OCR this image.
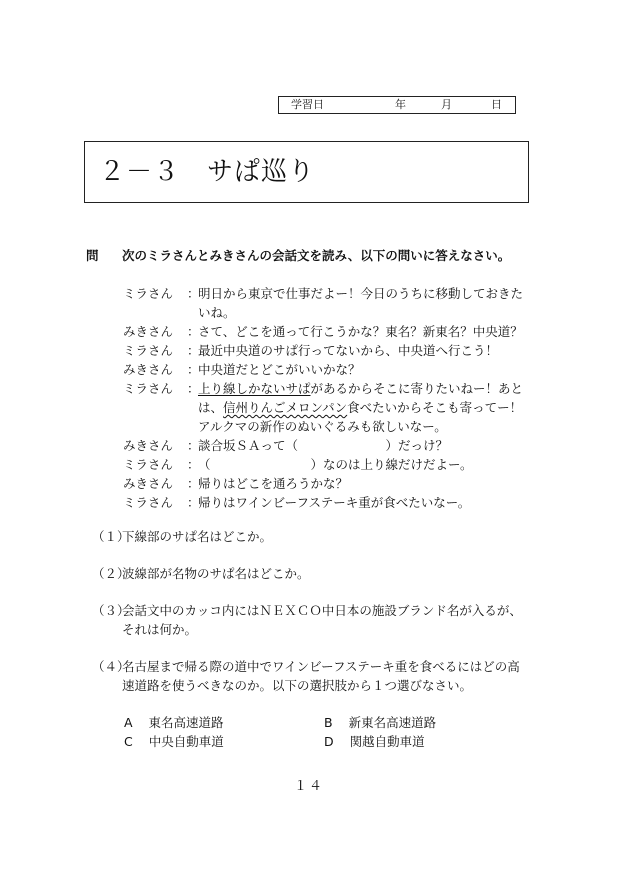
学習日	年	月	日
２－３　サぱ巡り
問 次のミラさんとみきさんの会話文を読み、以下の問いに答えなさい。
ミラさん ：
明日から東京で仕事だよー！今日のうちに移動しておきた
いね。
みきさん ：
さて、どこを通って行こうかな？東名？新東名？中央道？
ミラさん ：
最近中央道のサぱ行ってないから、中央道へ行こう！
みきさん ：
中央道だとどこがいいかな？
ミラさん ：
上り線しかないサぱがあるからそこに寄りたいねー！あと
は、信州りんごメロンパン食べたいからそこも寄ってー！
アルクマの新作のぬいぐるみも欲しいなー。
みきさん ：
談合坂ＳＡって（　　　　　　　）だっけ？
ミラさん ：
（　　　　　　　　）なのは上り線だけだよー。
みきさん ：
帰りはどこを通ろうかな？
ミラさん ：
帰りはワインビーフステーキ重が食べたいなー。
（１）
下線部のサぱ名はどこか。
（２）
波線部が名物のサぱ名はどこか。
（３）
会話文中のカッコ内にはＮＥＸＣＯ中日本の施設ブランド名が入るが、
それは何か。
（４）
名古屋まで帰る際の道中でワインビーフステーキ重を食べるにはどの高
速道路を使うべきなのか。以下の選択肢から１つ選びなさい。
A 東名高速道路	B 新東名高速道路
C 中央自動車道	D 関越自動車道
１４
